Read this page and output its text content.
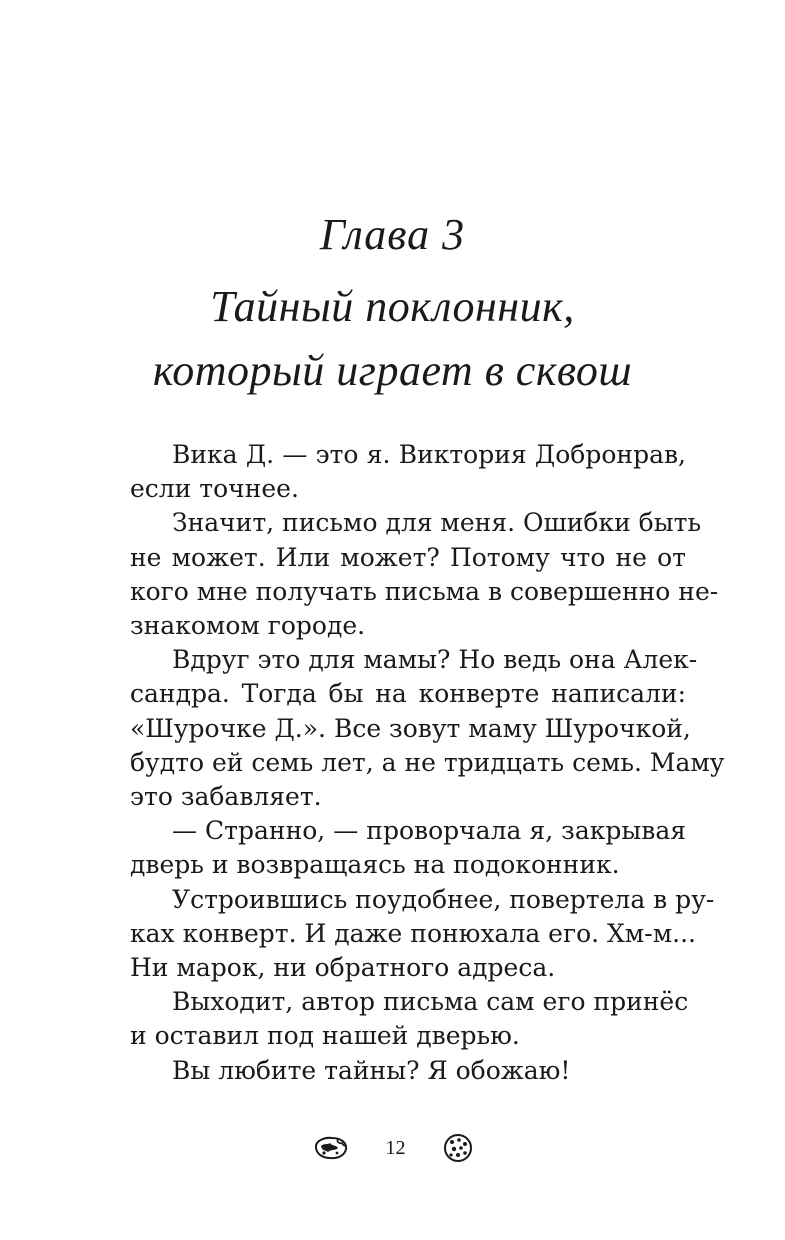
Глава 3
Тайный поклонник,
который играет в сквош

Вика Д. — это я. Виктория Добронрав,
если точнее.

Значит, письмо для меня. Ошибки быть
не может. Или может? Потому что не от
кого мне получать письма в совершенно не-
знакомом городе.

Вдруг это для мамы? Но ведь она Алек-
сандра. Тогда бы на конверте написали:
«Шурочке Д.». Все зовут маму Шурочкой,
будто ей семь лет, а не тридцать семь. Маму
это забавляет.

— Странно, — проворчала я, закрывая
дверь и возвращаясь на подоконник.

Устроившись поудобнее, повертела в ру-
ках конверт. И даже понюхала его. Хм-м...
Ни марок, ни обратного адреса.

Выходит, автор письма сам его принёс
и оставил под нашей дверью.

Вы любите тайны? Я обожаю!

12
